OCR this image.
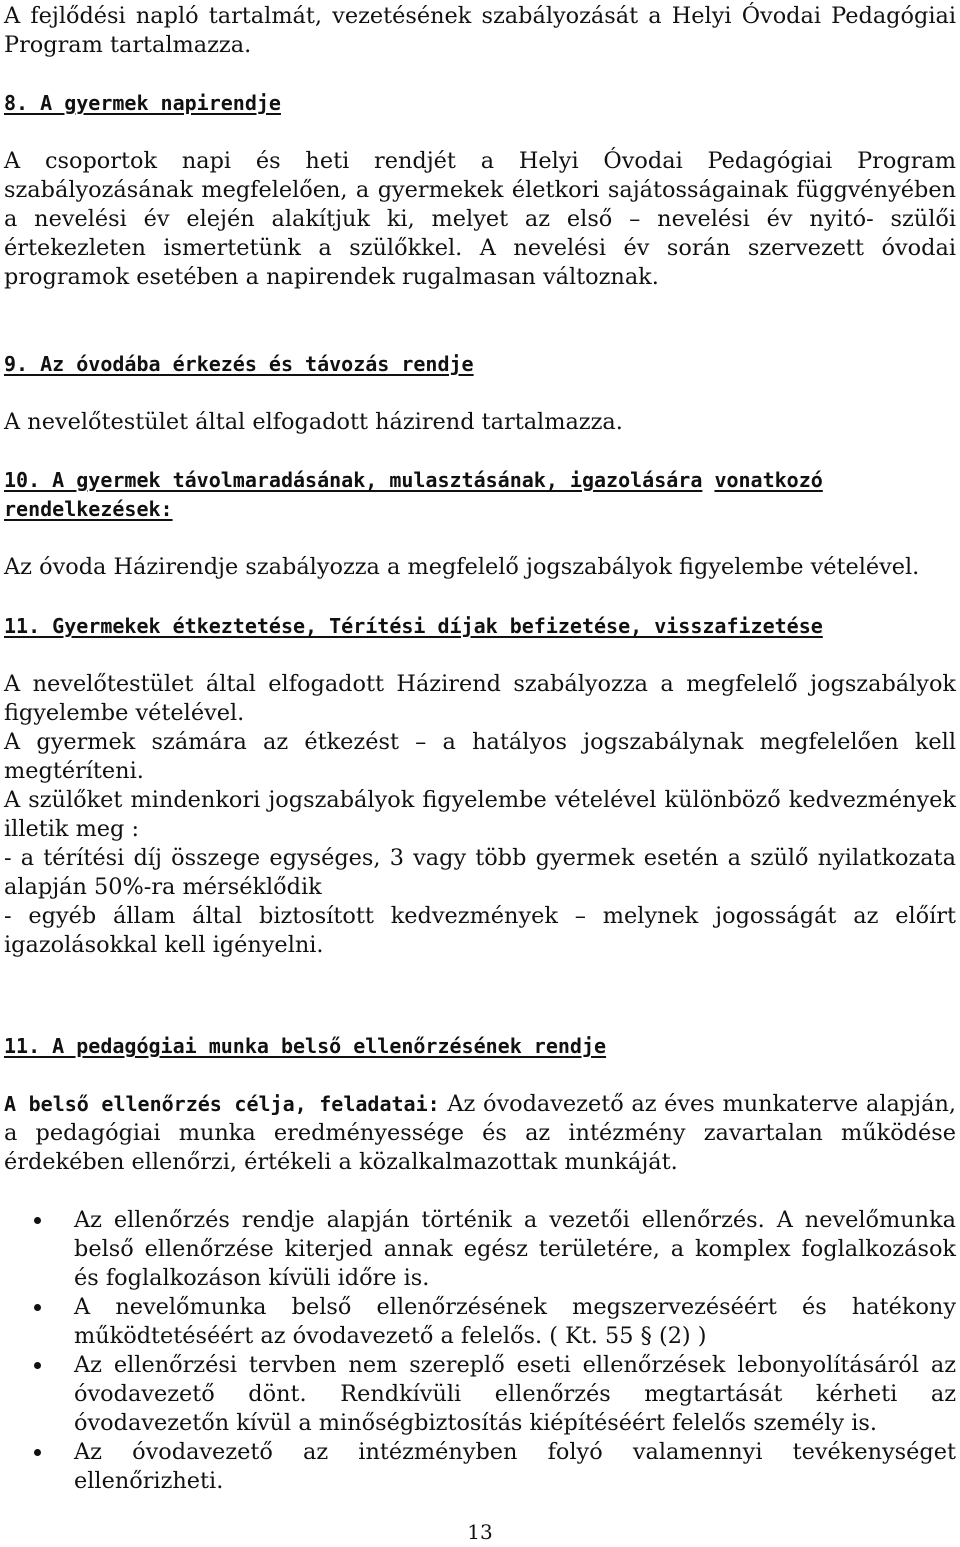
A fejlődési napló tartalmát, vezetésének szabályozását a Helyi Óvodai Pedagógiai Program tartalmazza.

8. A gyermek napirendje

A csoportok napi és heti rendjét a Helyi Óvodai Pedagógiai Program szabályozásának megfelelően, a gyermekek életkori sajátosságainak függvényében a nevelési év elején alakítjuk ki, melyet az első – nevelési év nyitó- szülői értekezleten ismertetünk a szülőkkel. A nevelési év során szervezett óvodai programok esetében a napirendek rugalmasan változnak.

9. Az óvodába érkezés és távozás rendje

A nevelőtestület által elfogadott házirend tartalmazza.

10. A gyermek távolmaradásának, mulasztásának, igazolására vonatkozó rendelkezések:

Az óvoda Házirendje szabályozza a megfelelő jogszabályok figyelembe vételével.

11. Gyermekek étkeztetése, Térítési díjak befizetése, visszafizetése

A nevelőtestület által elfogadott Házirend szabályozza a megfelelő jogszabályok figyelembe vételével.

A gyermek számára az étkezést – a hatályos jogszabálynak megfelelően kell megtéríteni.

A szülőket mindenkori jogszabályok figyelembe vételével különböző kedvezmények illetik meg :

- a térítési díj összege egységes, 3 vagy több gyermek esetén a szülő nyilatkozata alapján 50%-ra mérséklődik

- egyéb állam által biztosított kedvezmények – melynek jogosságát az előírt igazolásokkal kell igényelni.

11. A pedagógiai munka belső ellenőrzésének rendje

A belső ellenőrzés célja, feladatai: Az óvodavezető az éves munkaterve alapján, a pedagógiai munka eredményessége és az intézmény zavartalan működése érdekében ellenőrzi, értékeli a közalkalmazottak munkáját.

Az ellenőrzés rendje alapján történik a vezetői ellenőrzés. A nevelőmunka belső ellenőrzése kiterjed annak egész területére, a komplex foglalkozások és foglalkozáson kívüli időre is.
A nevelőmunka belső ellenőrzésének megszervezéséért és hatékony működtetéséért az óvodavezető a felelős. ( Kt. 55 § (2) )
Az ellenőrzési tervben nem szereplő eseti ellenőrzések lebonyolításáról az óvodavezető dönt. Rendkívüli ellenőrzés megtartását kérheti az óvodavezetőn kívül a minőségbiztosítás kiépítéséért felelős személy is.
Az óvodavezető az intézményben folyó valamennyi tevékenységet ellenőrizheti.
13
